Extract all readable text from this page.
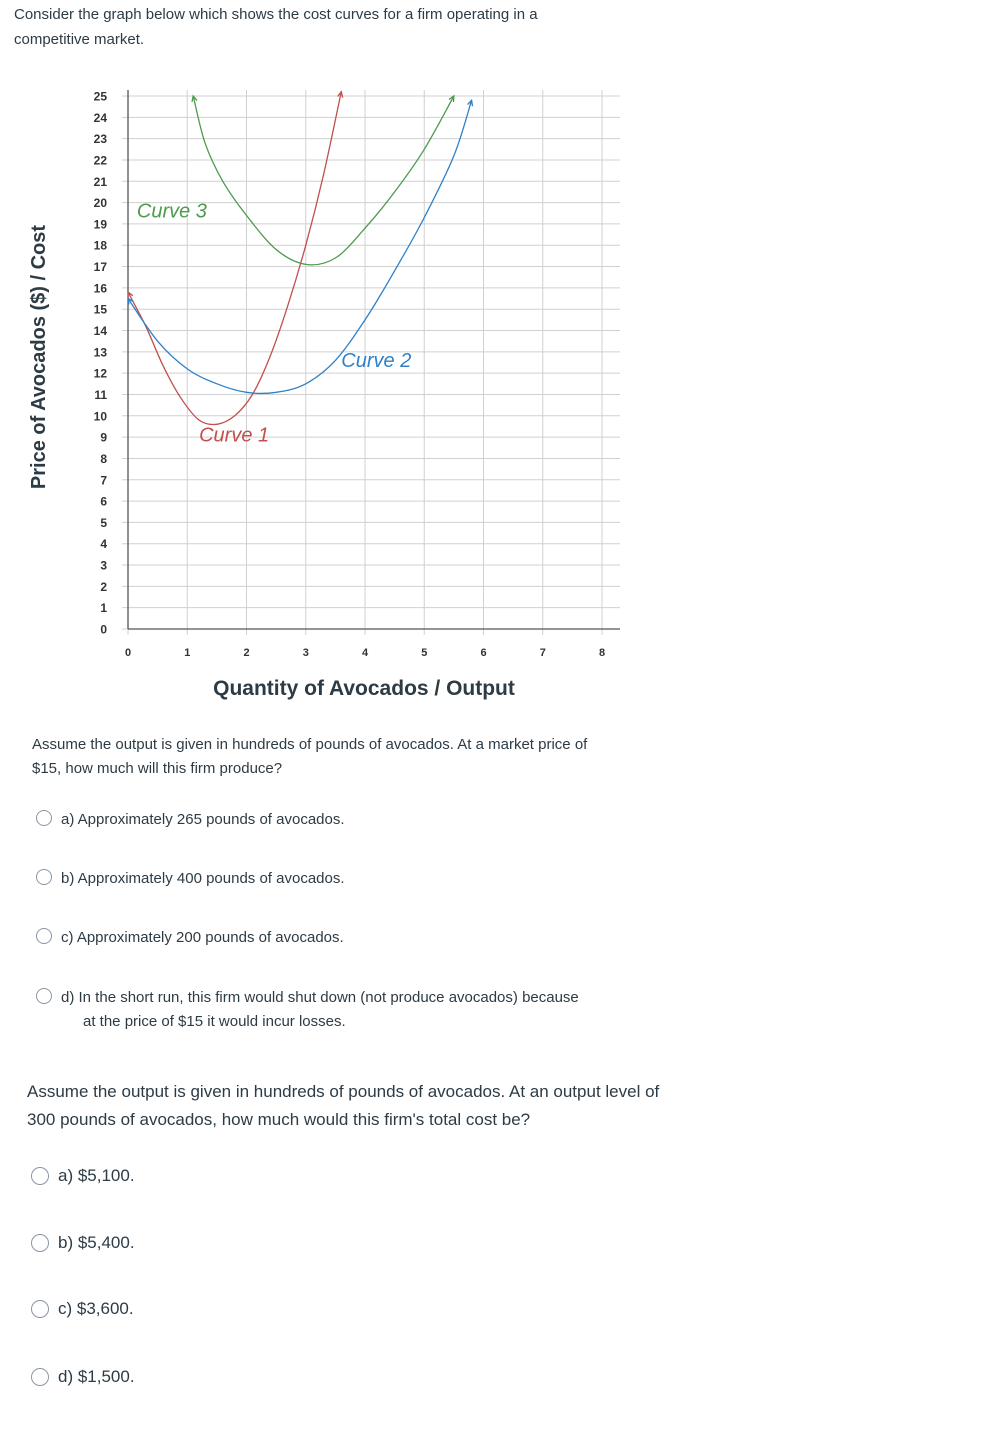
Consider the graph below which shows the cost curves for a firm operating in a competitive market.
0
1
2
3
4
5
6
7
8
9
10
11
12
13
14
15
16
17
18
19
20
21
22
23
24
25
0	1	2	3	4	5	6	7	8
Quantity of Avocados / Output
Price of Avocados ($) / Cost	Curve 1
Curve 2
Curve 3
Assume the output is given in hundreds of pounds of avocados. At a market price of
$15, how much will this firm produce?
a) Approximately 265 pounds of avocados.
b) Approximately 400 pounds of avocados.
c) Approximately 200 pounds of avocados.
d) In the short run, this firm would shut down (not produce avocados) because
at the price of $15 it would incur losses.
Assume the output is given in hundreds of pounds of avocados. At an output level of
300 pounds of avocados, how much would this firm's total cost be?
a) $5,100.
b) $5,400.
c) $3,600.
d) $1,500.
